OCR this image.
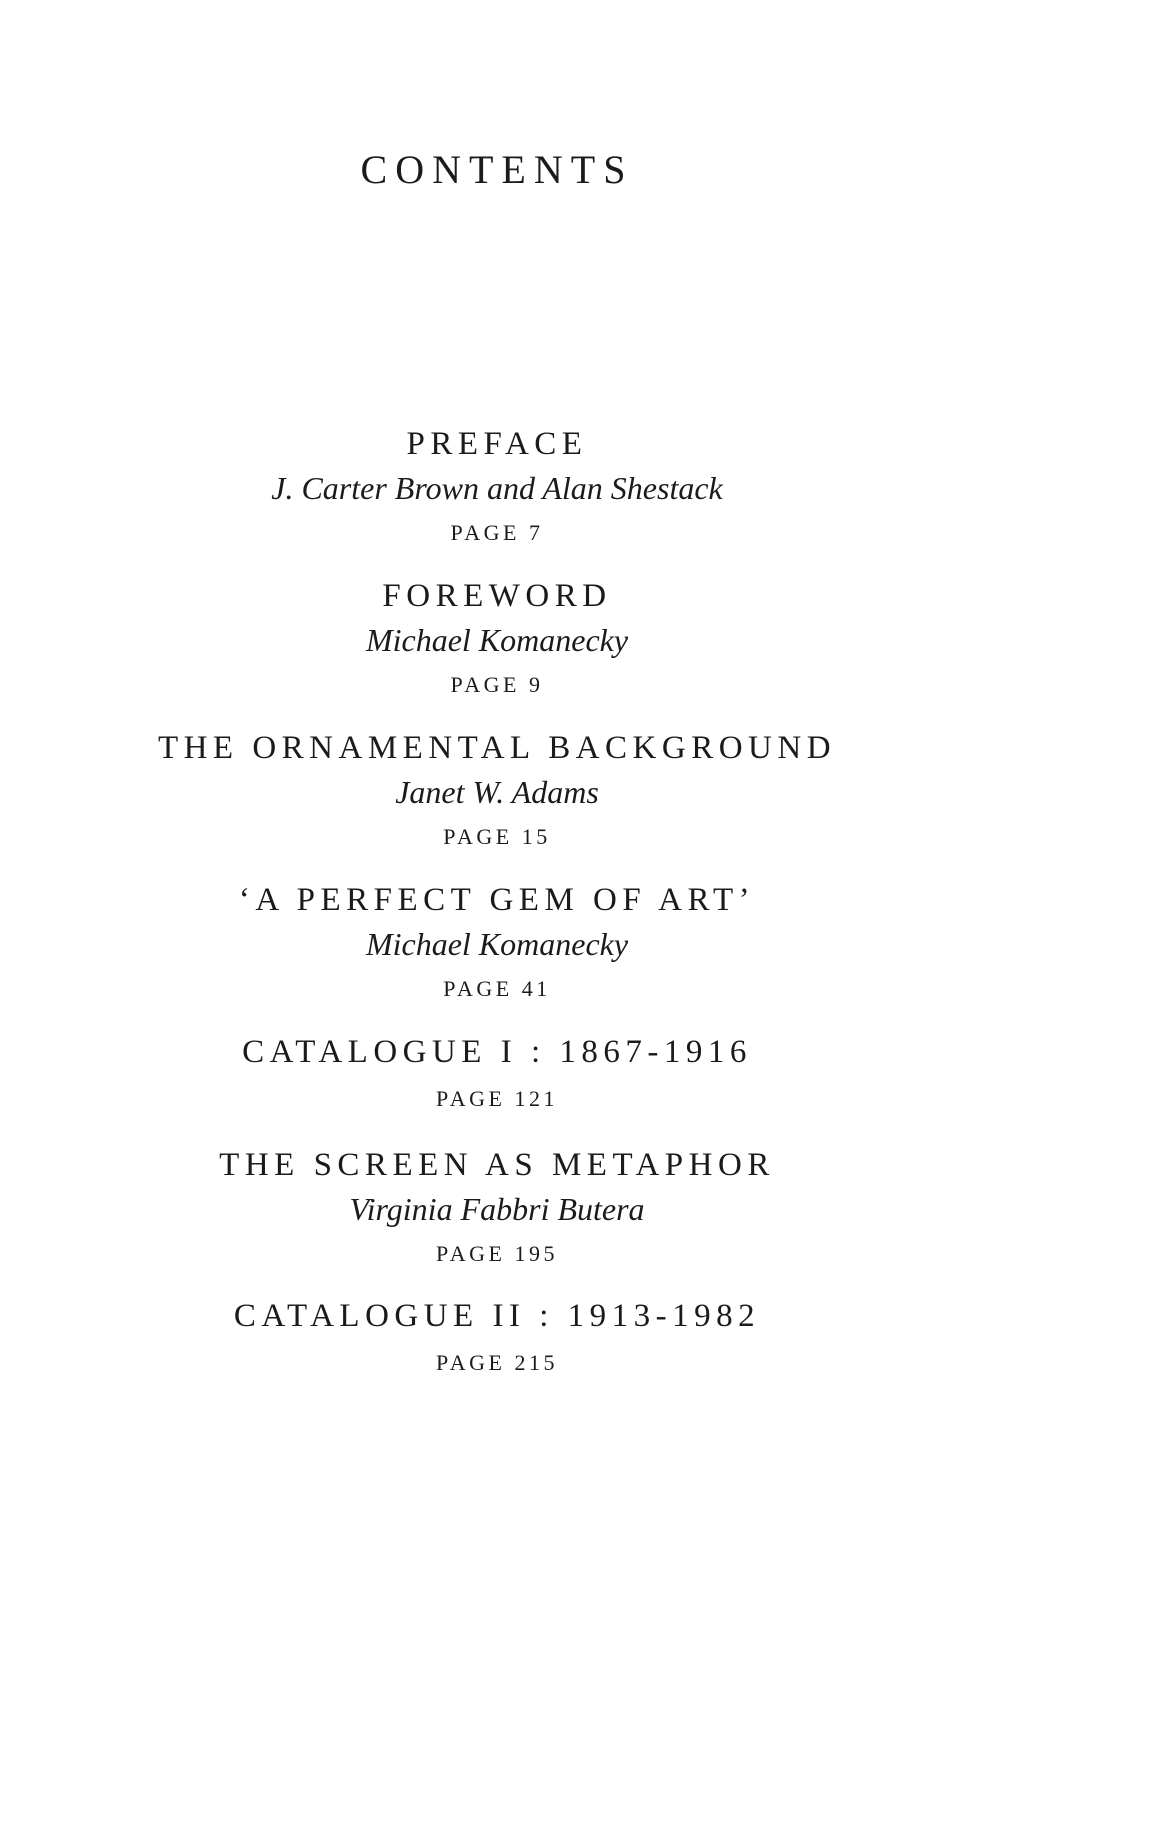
CONTENTS
PREFACE
J. Carter Brown and Alan Shestack
PAGE 7
FOREWORD
Michael Komanecky
PAGE 9
THE ORNAMENTAL BACKGROUND
Janet W. Adams
PAGE 15
‘A PERFECT GEM OF ART’
Michael Komanecky
PAGE 41
CATALOGUE I : 1867-1916
PAGE 121
THE SCREEN AS METAPHOR
Virginia Fabbri Butera
PAGE 195
CATALOGUE II : 1913-1982
PAGE 215
